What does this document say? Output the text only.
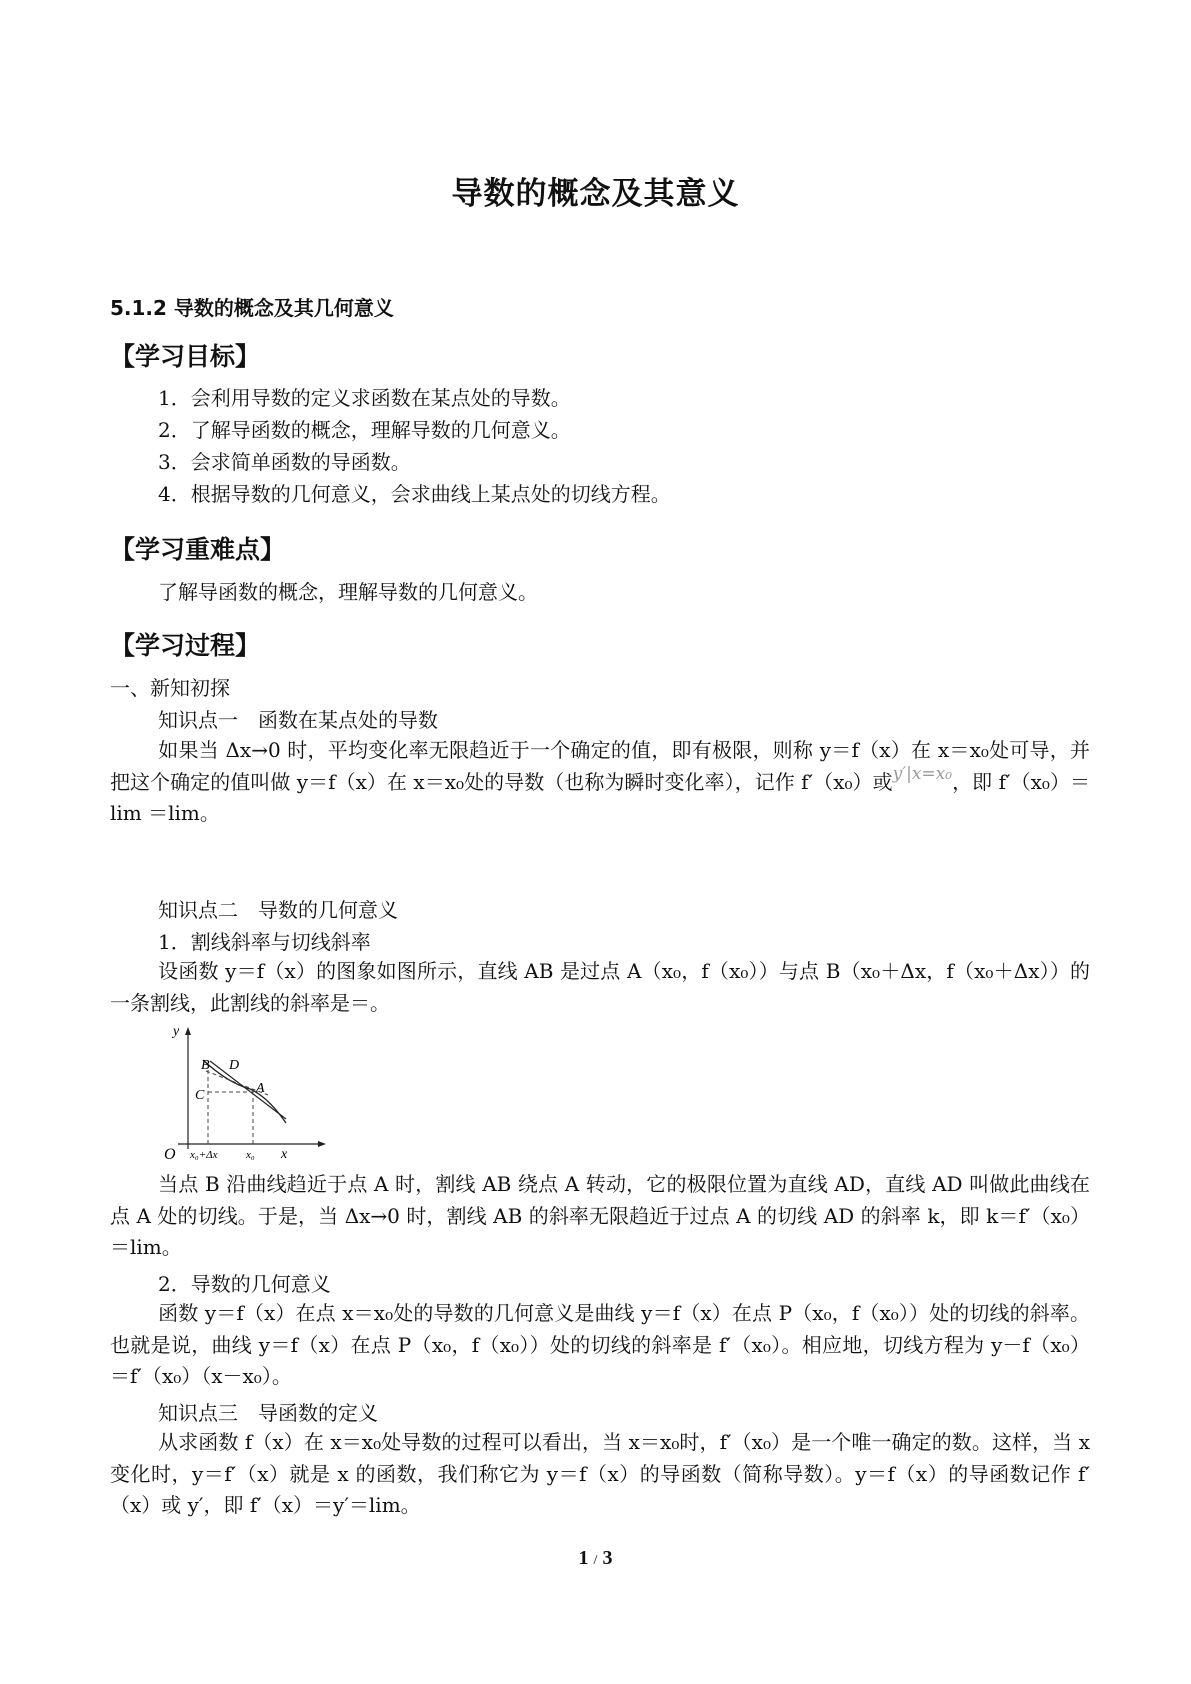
导数的概念及其意义
5.1.2 导数的概念及其几何意义
【学习目标】
1．会利用导数的定义求函数在某点处的导数。
2．了解导函数的概念，理解导数的几何意义。
3．会求简单函数的导函数。
4．根据导数的几何意义，会求曲线上某点处的切线方程。
【学习重难点】
了解导函数的概念，理解导数的几何意义。
【学习过程】
一、新知初探
知识点一　函数在某点处的导数
如果当 Δx→0 时，平均变化率无限趋近于一个确定的值，即有极限，则称 y＝f（x）在 x＝x₀处可导，并把这个确定的值叫做 y＝f（x）在 x＝x₀处的导数（也称为瞬时变化率），记作 f′（x₀）或y′|x=x₀，即 f′（x₀）＝lim ＝lim。
知识点二　导数的几何意义
1．割线斜率与切线斜率
设函数 y＝f（x）的图象如图所示，直线 AB 是过点 A（x₀，f（x₀））与点 B（x₀＋Δx，f（x₀＋Δx））的一条割线，此割线的斜率是＝。
y
x
O
B D
C	A
x₀+Δx	x₀
当点 B 沿曲线趋近于点 A 时，割线 AB 绕点 A 转动，它的极限位置为直线 AD，直线 AD 叫做此曲线在点 A 处的切线。于是，当 Δx→0 时，割线 AB 的斜率无限趋近于过点 A 的切线 AD 的斜率 k，即 k＝f′（x₀）＝lim。
2．导数的几何意义
函数 y＝f（x）在点 x＝x₀处的导数的几何意义是曲线 y＝f（x）在点 P（x₀，f（x₀））处的切线的斜率。也就是说，曲线 y＝f（x）在点 P（x₀，f（x₀））处的切线的斜率是 f′（x₀）。相应地，切线方程为 y－f（x₀）＝f′（x₀）（x－x₀）。
知识点三　导函数的定义
从求函数 f（x）在 x＝x₀处导数的过程可以看出，当 x＝x₀时，f′（x₀）是一个唯一确定的数。这样，当 x 变化时，y＝f′（x）就是 x 的函数，我们称它为 y＝f（x）的导函数（简称导数）。y＝f（x）的导函数记作 f′（x）或 y′，即 f′（x）＝y′＝lim。
1 / 3
